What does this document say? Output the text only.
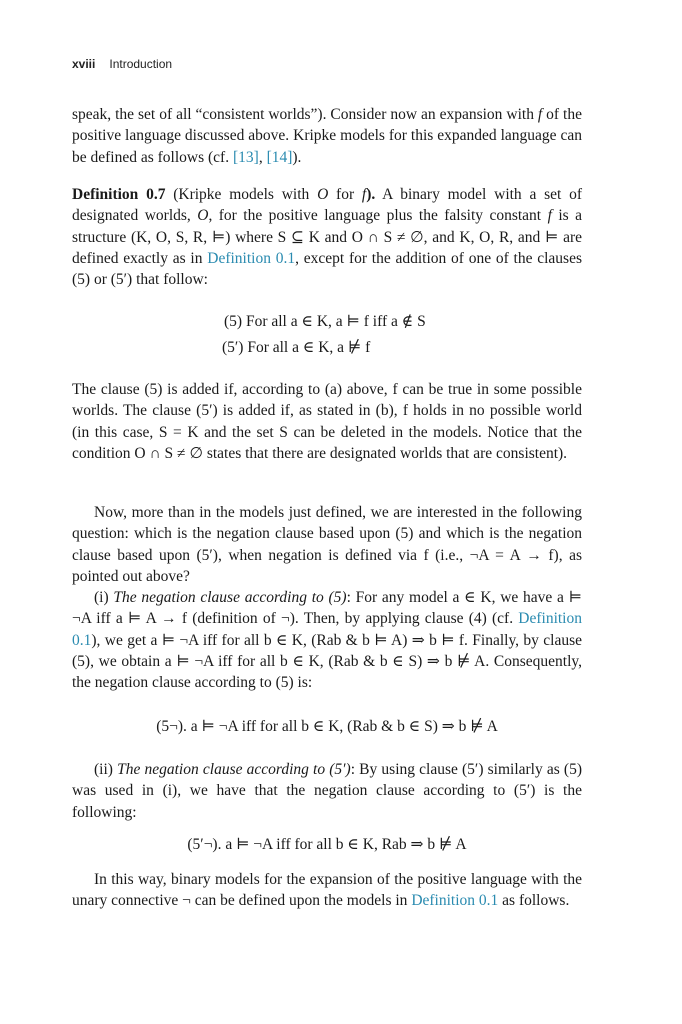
xviii Introduction

speak, the set of all “consistent worlds”). Consider now an expansion with f of the positive language discussed above. Kripke models for this expanded language can be defined as follows (cf. [13], [14]).

Definition 0.7 (Kripke models with O for f). A binary model with a set of designated worlds, O, for the positive language plus the falsity constant f is a structure (K, O, S, R, ⊨) where S ⊆ K and O ∩ S ≠ ∅, and K, O, R, and ⊨ are defined exactly as in Definition 0.1, except for the addition of one of the clauses (5) or (5′) that follow:

(5) For all a ∈ K, a ⊨ f iff a ∉ S

(5′) For all a ∈ K, a ⊭ f

The clause (5) is added if, according to (a) above, f can be true in some possible worlds. The clause (5′) is added if, as stated in (b), f holds in no possible world (in this case, S = K and the set S can be deleted in the models. Notice that the condition O ∩ S ≠ ∅ states that there are designated worlds that are consistent).

Now, more than in the models just defined, we are interested in the following question: which is the negation clause based upon (5) and which is the negation clause based upon (5′), when negation is defined via f (i.e., ¬A = A → f), as pointed out above?

(i) The negation clause according to (5): For any model a ∈ K, we have a ⊨ ¬A iff a ⊨ A → f (definition of ¬). Then, by applying clause (4) (cf. Definition 0.1), we get a ⊨ ¬A iff for all b ∈ K, (Rab & b ⊨ A) ⇒ b ⊨ f. Finally, by clause (5), we obtain a ⊨ ¬A iff for all b ∈ K, (Rab & b ∈ S) ⇒ b ⊭ A. Consequently, the negation clause according to (5) is:

(5¬). a ⊨ ¬A iff for all b ∈ K, (Rab & b ∈ S) ⇒ b ⊭ A

(ii) The negation clause according to (5′): By using clause (5′) similarly as (5) was used in (i), we have that the negation clause according to (5′) is the following:

(5′¬). a ⊨ ¬A iff for all b ∈ K, Rab ⇒ b ⊭ A

In this way, binary models for the expansion of the positive language with the unary connective ¬ can be defined upon the models in Definition 0.1 as follows.
